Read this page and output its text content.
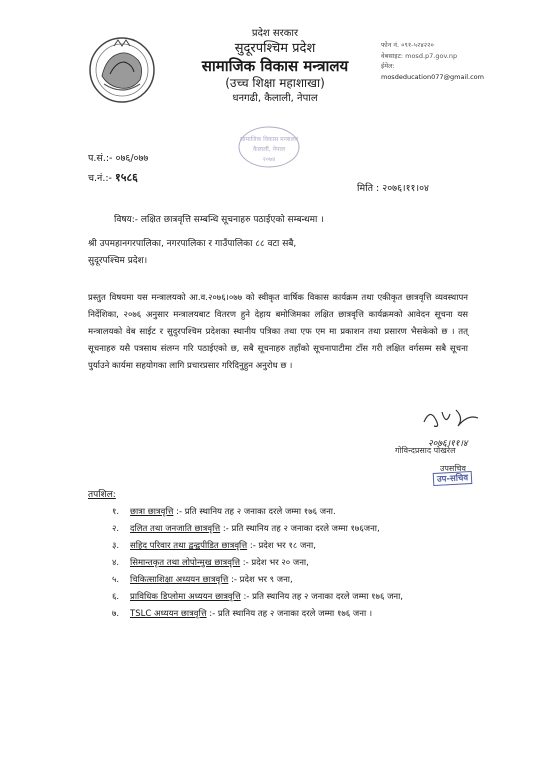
प्रदेश सरकार
सुदूरपश्चिम प्रदेश
सामाजिक विकास मन्त्रालय
(उच्च शिक्षा महाशाखा)
धनगढी, कैलाली, नेपाल
फोन नं. ०९१-५२४२२०
वेबसाइट: mosd.p7.gov.np
ईमेल:
mosdeducation077@gmail.com
सामाजिक विकास मन्त्रालय
कैलाली, नेपाल
२०७४
प.सं.:- ०७६/०७७
च.नं.:- १५८६
मिति : २०७६।११।०४
विषय:- लक्षित छात्रवृत्ति सम्बन्धि सूचनाहरु पठाईएको सम्बन्धमा ।
श्री उपमहानगरपालिका, नगरपालिका र गाउँपालिका ८८ वटा सबै,
सुदूरपश्चिम प्रदेश।
प्रस्तुत विषयमा यस मन्त्रालयको आ.व.२०७६।०७७ को स्वीकृत वार्षिक विकास कार्यक्रम तथा एकीकृत छात्रवृत्ति व्यवस्थापन निर्देशिका, २०७६ अनुसार मन्त्रालयबाट वितरण हुने देहाय बमोजिमका लक्षित छात्रवृत्ति कार्यक्रमको आवेदन सूचना यस मन्त्रालयको वेब साईट र सुदुरपश्चिम प्रदेशका स्थानीय पत्रिका तथा एफ एम मा प्रकाशन तथा प्रसारण भैसकेको छ । तत् सूचनाहरु यसै पत्रसाथ संलग्न गरि पठाईएको छ, सबै सूचनाहरु तहाँको सूचनापाटीमा टाँस गरी लक्षित वर्गसम्म सबै सूचना पुर्याउने कार्यमा सहयोगका लागि प्रचारप्रसार गरिदिनुहुन अनुरोध छ ।
२०७६।११।४
गोविन्दप्रसाद पोखरेल
उपसचिव
उप-सचिव
तपशिल:
१.	छात्रा छात्रवृत्ति :- प्रति स्थानिय तह २ जनाका दरले जम्मा १७६ जना.
२.	दलित तथा जनजाति छात्रवृत्ति :- प्रति स्थानिय तह २ जनाका दरले जम्मा १७६जना,
३.	सहिद परिवार तथा द्वन्द्वपीडित छात्रवृत्ति :- प्रदेश भर १८ जना,
४.	सिमान्तकृत तथा लोपोन्मुख छात्रवृत्ति :- प्रदेश भर २० जना,
५.	चिकित्साशिक्षा अध्ययन छात्रवृत्ति :- प्रदेश भर ९ जना,
६.	प्राविधिक डिप्लोमा अध्ययन छात्रवृत्ति :- प्रति स्थानिय तह २ जनाका दरले जम्मा १७६ जना,
७.	TSLC अध्ययन छात्रवृत्ति :- प्रति स्थानिय तह २ जनाका दरले जम्मा १७६ जना ।
